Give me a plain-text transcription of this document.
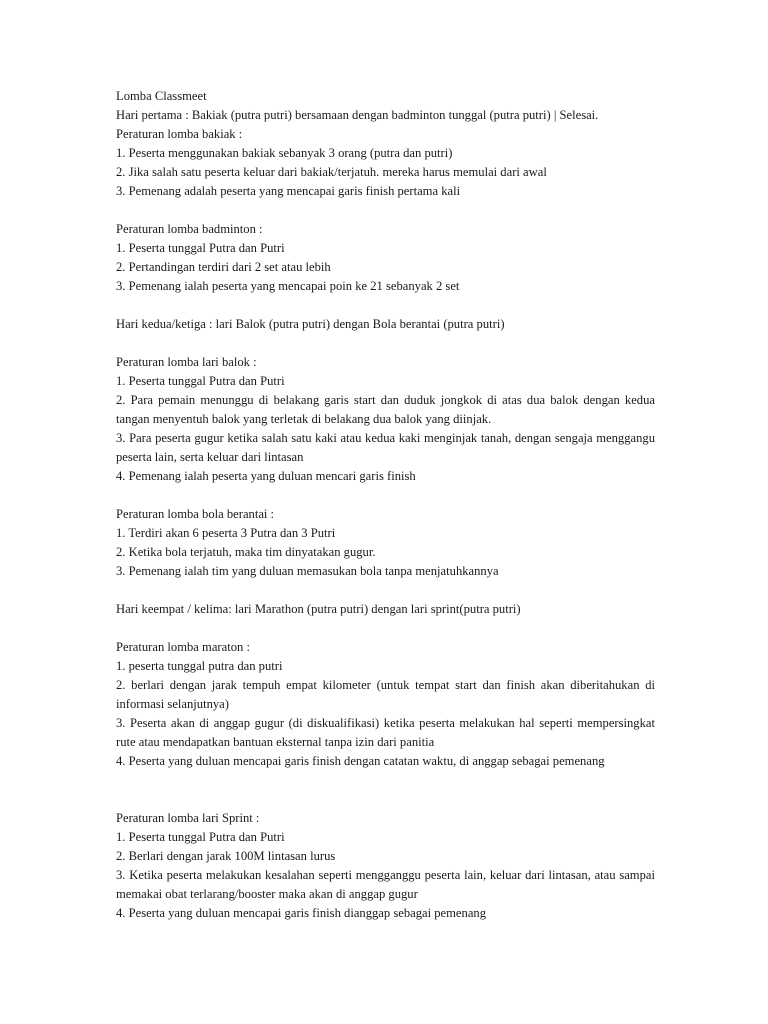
Lomba Classmeet

Hari pertama : Bakiak (putra putri) bersamaan dengan badminton tunggal (putra putri) | Selesai.

Peraturan lomba bakiak :

1. Peserta menggunakan bakiak sebanyak 3 orang (putra dan putri)

2. Jika salah satu peserta keluar dari bakiak/terjatuh. mereka harus memulai dari awal

3. Pemenang adalah peserta yang mencapai garis finish pertama kali

Peraturan lomba badminton :

1. Peserta tunggal Putra dan Putri

2. Pertandingan terdiri dari 2 set atau lebih

3. Pemenang ialah peserta yang mencapai poin ke 21 sebanyak 2 set

Hari kedua/ketiga : lari Balok (putra putri) dengan Bola berantai (putra putri)

Peraturan lomba lari balok :

1. Peserta tunggal Putra dan Putri

2. Para pemain menunggu di belakang garis start dan duduk jongkok di atas dua balok dengan kedua tangan menyentuh balok yang terletak di belakang dua balok yang diinjak.

3. Para peserta gugur ketika salah satu kaki atau kedua kaki menginjak tanah, dengan sengaja menggangu peserta lain, serta keluar dari lintasan

4. Pemenang ialah peserta yang duluan mencari garis finish

Peraturan lomba bola berantai :

1. Terdiri akan 6 peserta 3 Putra dan 3 Putri

2. Ketika bola terjatuh, maka tim dinyatakan gugur.

3. Pemenang ialah tim yang duluan memasukan bola tanpa menjatuhkannya

Hari keempat / kelima: lari Marathon (putra putri) dengan lari sprint(putra putri)

Peraturan lomba maraton :

1. peserta tunggal putra dan putri

2. berlari dengan jarak tempuh empat kilometer (untuk tempat start dan finish akan diberitahukan di informasi selanjutnya)

3. Peserta akan di anggap gugur (di diskualifikasi) ketika peserta melakukan hal seperti mempersingkat rute atau mendapatkan bantuan eksternal tanpa izin dari panitia

4. Peserta yang duluan mencapai garis finish dengan catatan waktu, di anggap sebagai pemenang

Peraturan lomba lari Sprint :

1. Peserta tunggal Putra dan Putri

2. Berlari dengan jarak 100M lintasan lurus

3. Ketika peserta melakukan kesalahan seperti mengganggu peserta lain, keluar dari lintasan, atau sampai memakai obat terlarang/booster maka akan di anggap gugur

4. Peserta yang duluan mencapai garis finish dianggap sebagai pemenang
